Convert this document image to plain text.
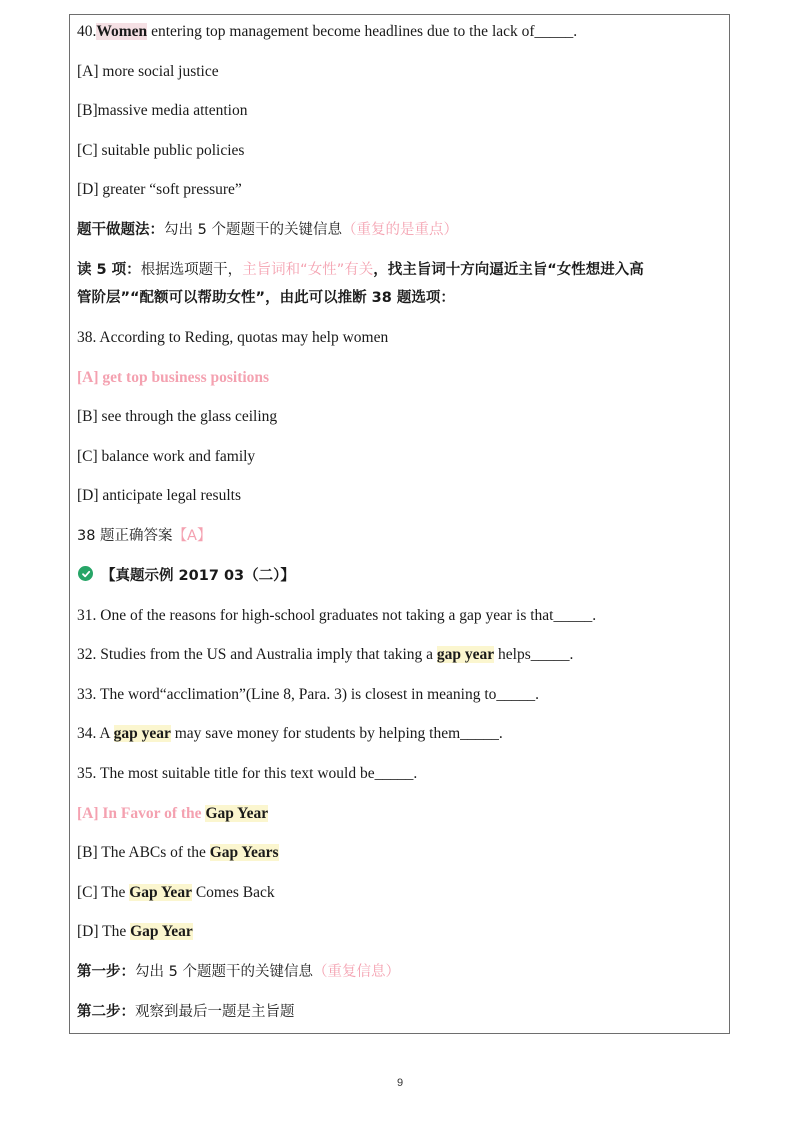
40.Women entering top management become headlines due to the lack of_____.
[A] more social justice
[B]massive media attention
[C] suitable public policies
[D] greater “soft pressure”
题干做题法：勾出 5 个题题干的关键信息（重复的是重点）
读 5 项：根据选项题干，主旨词和“女性”有关，找主旨词十方向逼近主旨“女性想进入高
管阶层”“配额可以帮助女性”，由此可以推断 38 题选项：
38. According to Reding, quotas may help women
[A] get top business positions
[B] see through the glass ceiling
[C] balance work and family
[D] anticipate legal results
38 题正确答案【A】
【真题示例 2017 03（二）】
31. One of the reasons for high-school graduates not taking a gap year is that_____.
32. Studies from the US and Australia imply that taking a gap year helps_____.
33. The word“acclimation”(Line 8, Para. 3) is closest in meaning to_____.
34. A gap year may save money for students by helping them_____.
35. The most suitable title for this text would be_____.
[A] In Favor of the Gap Year
[B] The ABCs of the Gap Years
[C] The Gap Year Comes Back
[D] The Gap Year
第一步：勾出 5 个题题干的关键信息（重复信息）
第二步：观察到最后一题是主旨题
9
